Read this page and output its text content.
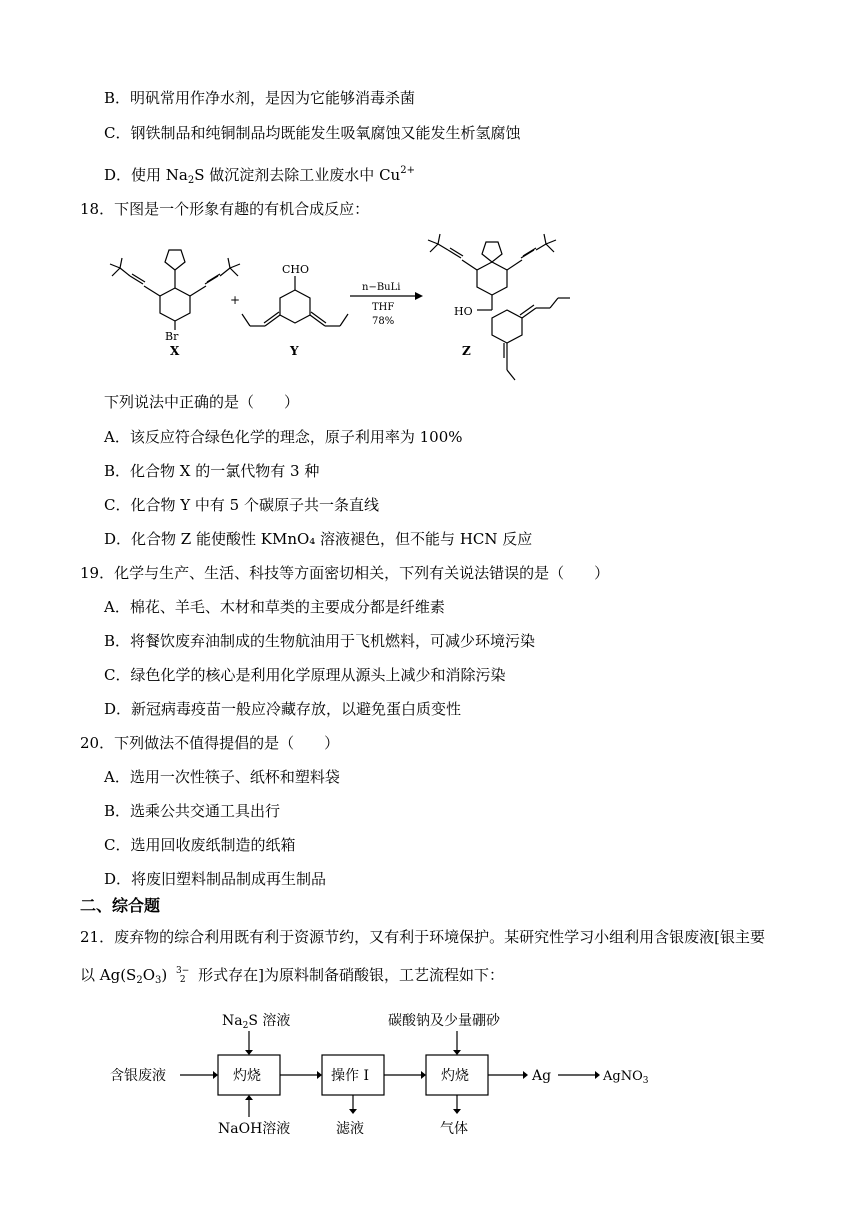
B．明矾常用作净水剂，是因为它能够消毒杀菌
C．钢铁制品和纯铜制品均既能发生吸氧腐蚀又能发生析氢腐蚀
D．使用 $Na_2S$ 做沉淀剂去除工业废水中 $Cu^{2+}$
18．下图是一个形象有趣的有机合成反应：
Br
X
+
CHO
Y
n−BuLi
THF
78%
HO
Z
下列说法中正确的是（　　）
A．该反应符合绿色化学的理念，原子利用率为 100%
B．化合物 X 的一氯代物有 3 种
C．化合物 Y 中有 5 个碳原子共一条直线
D．化合物 Z 能使酸性 KMnO₄ 溶液褪色，但不能与 HCN 反应
19．化学与生产、生活、科技等方面密切相关，下列有关说法错误的是（　　）
A．棉花、羊毛、木材和草类的主要成分都是纤维素
B．将餐饮废弃油制成的生物航油用于飞机燃料，可减少环境污染
C．绿色化学的核心是利用化学原理从源头上减少和消除污染
D．新冠病毒疫苗一般应冷藏存放，以避免蛋白质变性
20．下列做法不值得提倡的是（　　）
A．选用一次性筷子、纸杯和塑料袋
B．选乘公共交通工具出行
C．选用回收废纸制造的纸箱
D．将废旧塑料制品制成再生制品
二、综合题
21．废弃物的综合利用既有利于资源节约，又有利于环境保护。某研究性学习小组利用含银废液[银主要
以 $Ag(S_2O_3)$ 3−
2 形式存在]为原料制备硝酸银，工艺流程如下：
含银废液	灼烧	操作 I	灼烧	Ag	AgNO$_3$
$Na_2S$ 溶液
NaOH溶液	滤液
碳酸钠及少量硼砂
气体
